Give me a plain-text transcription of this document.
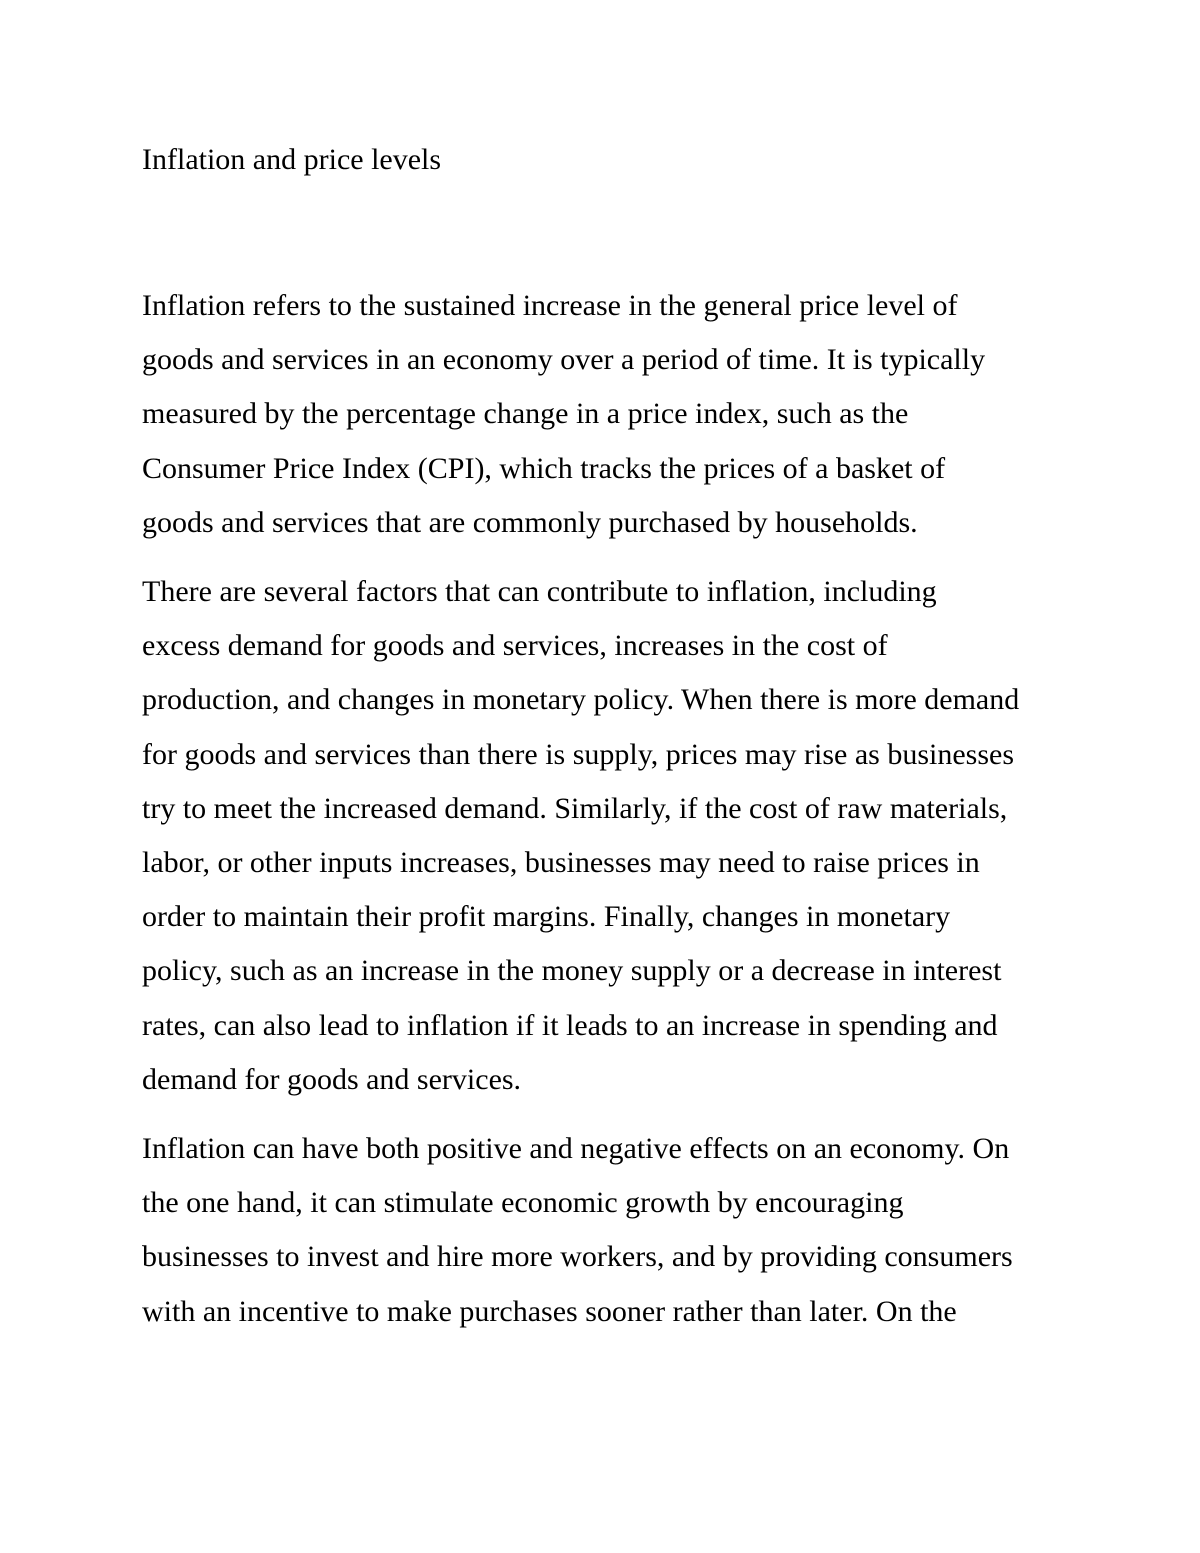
Inflation and price levels

Inflation refers to the sustained increase in the general price level of
goods and services in an economy over a period of time. It is typically
measured by the percentage change in a price index, such as the
Consumer Price Index (CPI), which tracks the prices of a basket of
goods and services that are commonly purchased by households.

There are several factors that can contribute to inflation, including
excess demand for goods and services, increases in the cost of
production, and changes in monetary policy. When there is more demand
for goods and services than there is supply, prices may rise as businesses
try to meet the increased demand. Similarly, if the cost of raw materials,
labor, or other inputs increases, businesses may need to raise prices in
order to maintain their profit margins. Finally, changes in monetary
policy, such as an increase in the money supply or a decrease in interest
rates, can also lead to inflation if it leads to an increase in spending and
demand for goods and services.

Inflation can have both positive and negative effects on an economy. On
the one hand, it can stimulate economic growth by encouraging
businesses to invest and hire more workers, and by providing consumers
with an incentive to make purchases sooner rather than later. On the
